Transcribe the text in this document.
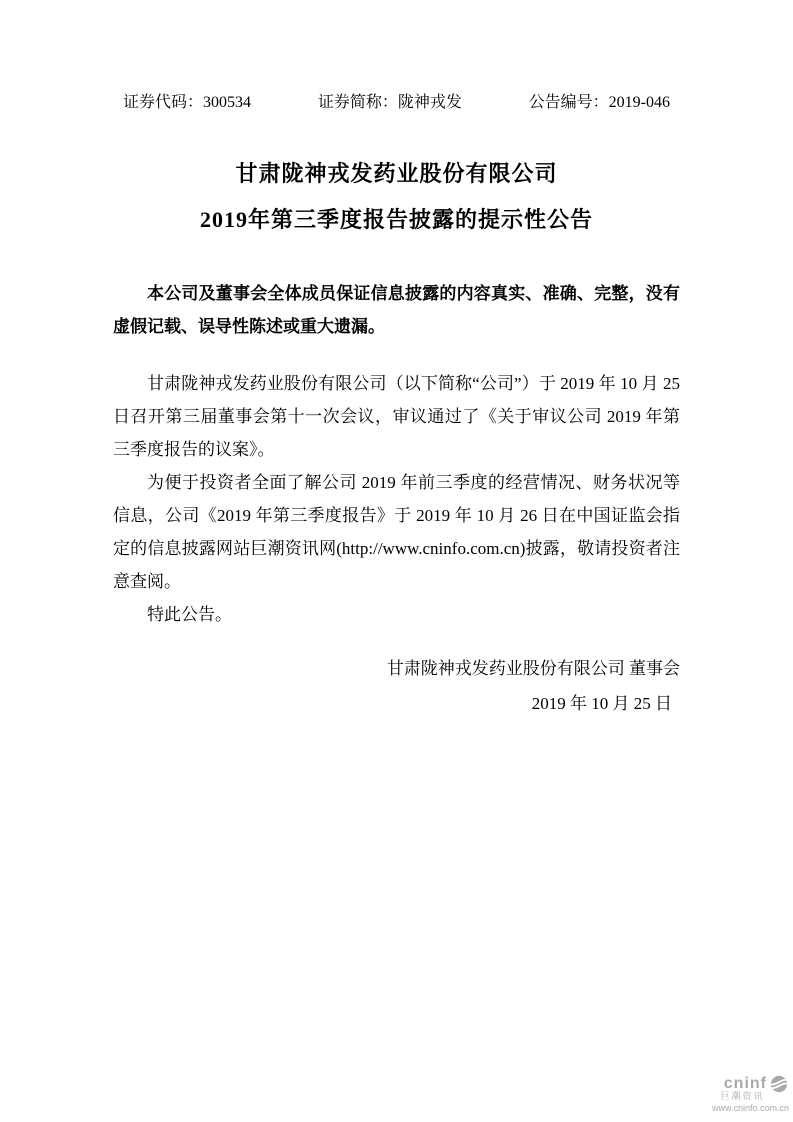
证券代码：300534	证券简称：陇神戎发	公告编号：2019-046
甘肃陇神戎发药业股份有限公司
2019年第三季度报告披露的提示性公告

本公司及董事会全体成员保证信息披露的内容真实、准确、完整，没有虚假记载、误导性陈述或重大遗漏。

甘肃陇神戎发药业股份有限公司（以下简称“公司”）于 2019 年 10 月 25 日召开第三届董事会第十一次会议，审议通过了《关于审议公司 2019 年第三季度报告的议案》。

为便于投资者全面了解公司 2019 年前三季度的经营情况、财务状况等信息，公司《2019 年第三季度报告》于 2019 年 10 月 26 日在中国证监会指定的信息披露网站巨潮资讯网(http://www.cninfo.com.cn)披露，敬请投资者注意查阅。

特此公告。

甘肃陇神戎发药业股份有限公司 董事会
2019 年 10 月 25 日
cninf
巨潮资讯
www.cninfo.com.cn
